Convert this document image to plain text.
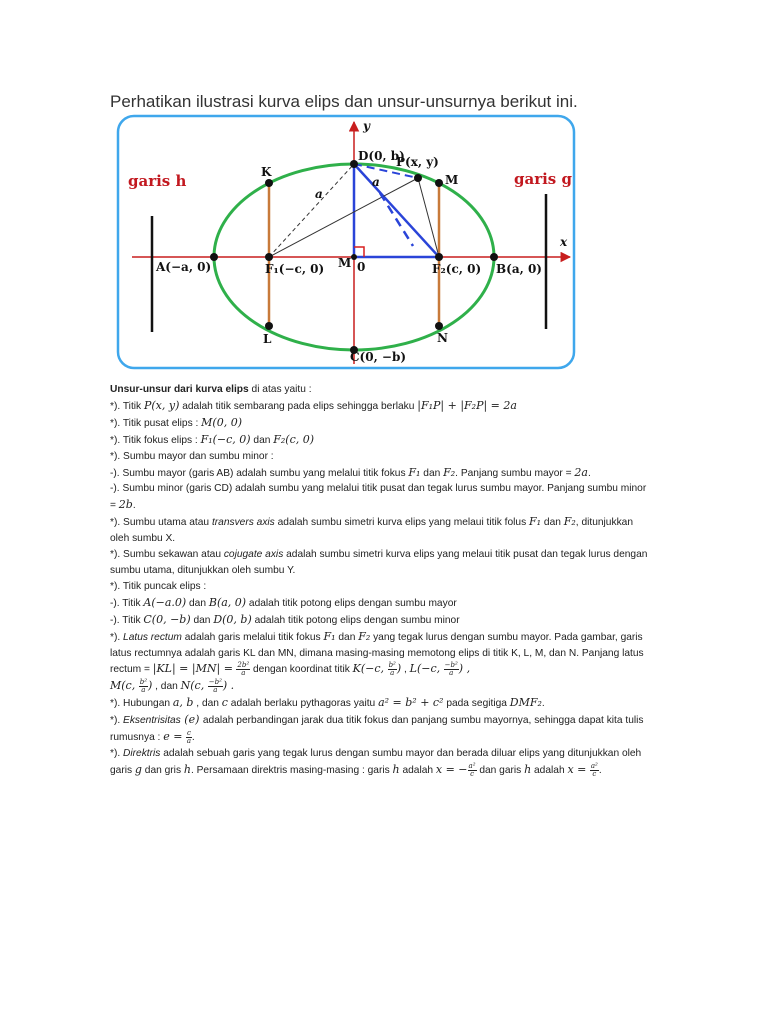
Perhatikan ilustrasi kurva elips dan unsur-unsurnya berikut ini.
y
x
D(0, b)
P(x, y)
M
K
L	N
A(−a, 0)	F₁(−c, 0) M 0	F₂(c, 0) B(a, 0)
C(0, −b)
a
a
garis h	garis g

Unsur-unsur dari kurva elips di atas yaitu :

*). Titik P(x, y) adalah titik sembarang pada elips sehingga berlaku |F₁P| + |F₂P| = 2a

*). Titik pusat elips : M(0, 0)

*). Titik fokus elips : F₁(−c, 0) dan F₂(c, 0)

*). Sumbu mayor dan sumbu minor :

-). Sumbu mayor (garis AB) adalah sumbu yang melalui titik fokus F₁ dan F₂. Panjang sumbu mayor = 2a.

-). Sumbu minor (garis CD) adalah sumbu yang melalui titik pusat dan tegak lurus sumbu mayor. Panjang sumbu minor = 2b.

*). Sumbu utama atau transvers axis adalah sumbu simetri kurva elips yang melaui titik folus F₁ dan F₂, ditunjukkan oleh sumbu X.

*). Sumbu sekawan atau cojugate axis adalah sumbu simetri kurva elips yang melaui titik pusat dan tegak lurus dengan sumbu utama, ditunjukkan oleh sumbu Y.

*). Titik puncak elips :

-). Titik A(−a.0) dan B(a, 0) adalah titik potong elips dengan sumbu mayor

-). Titik C(0, −b) dan D(0, b) adalah titik potong elips dengan sumbu minor

*). Latus rectum adalah garis melalui titik fokus F₁ dan F₂ yang tegak lurus dengan sumbu mayor. Pada gambar, garis latus rectumnya adalah garis KL dan MN, dimana masing-masing memotong elips di titik K, L, M, dan N. Panjang latus rectum = $|KL| = |MN| = \frac{\text{2b²}}{a}$ dengan koordinat titik K(−c, $\frac{\text{b²}}{a}$ ) , L(−c, $\frac{\text{−b²}}{a}$ ) ,

M(c, $\frac{\text{b²}}{a}$ ) , dan N(c, $\frac{\text{−b²}}{a}$ ) .

*). Hubungan a, b , dan c adalah berlaku pythagoras yaitu a² = b² + c² pada segitiga DMF₂.

*). Eksentrisitas (e) adalah perbandingan jarak dua titik fokus dan panjang sumbu mayornya, sehingga dapat kita tulis rumusnya : $e = \frac{c}{a}$ .

*). Direktris adalah sebuah garis yang tegak lurus dengan sumbu mayor dan berada diluar elips yang ditunjukkan oleh garis g dan gris h. Persamaan direktris masing-masing : garis h adalah x = − $\frac{\text{a²}}{c}$ dan garis h adalah $x = \frac{\text{a²}}{c}$ .
